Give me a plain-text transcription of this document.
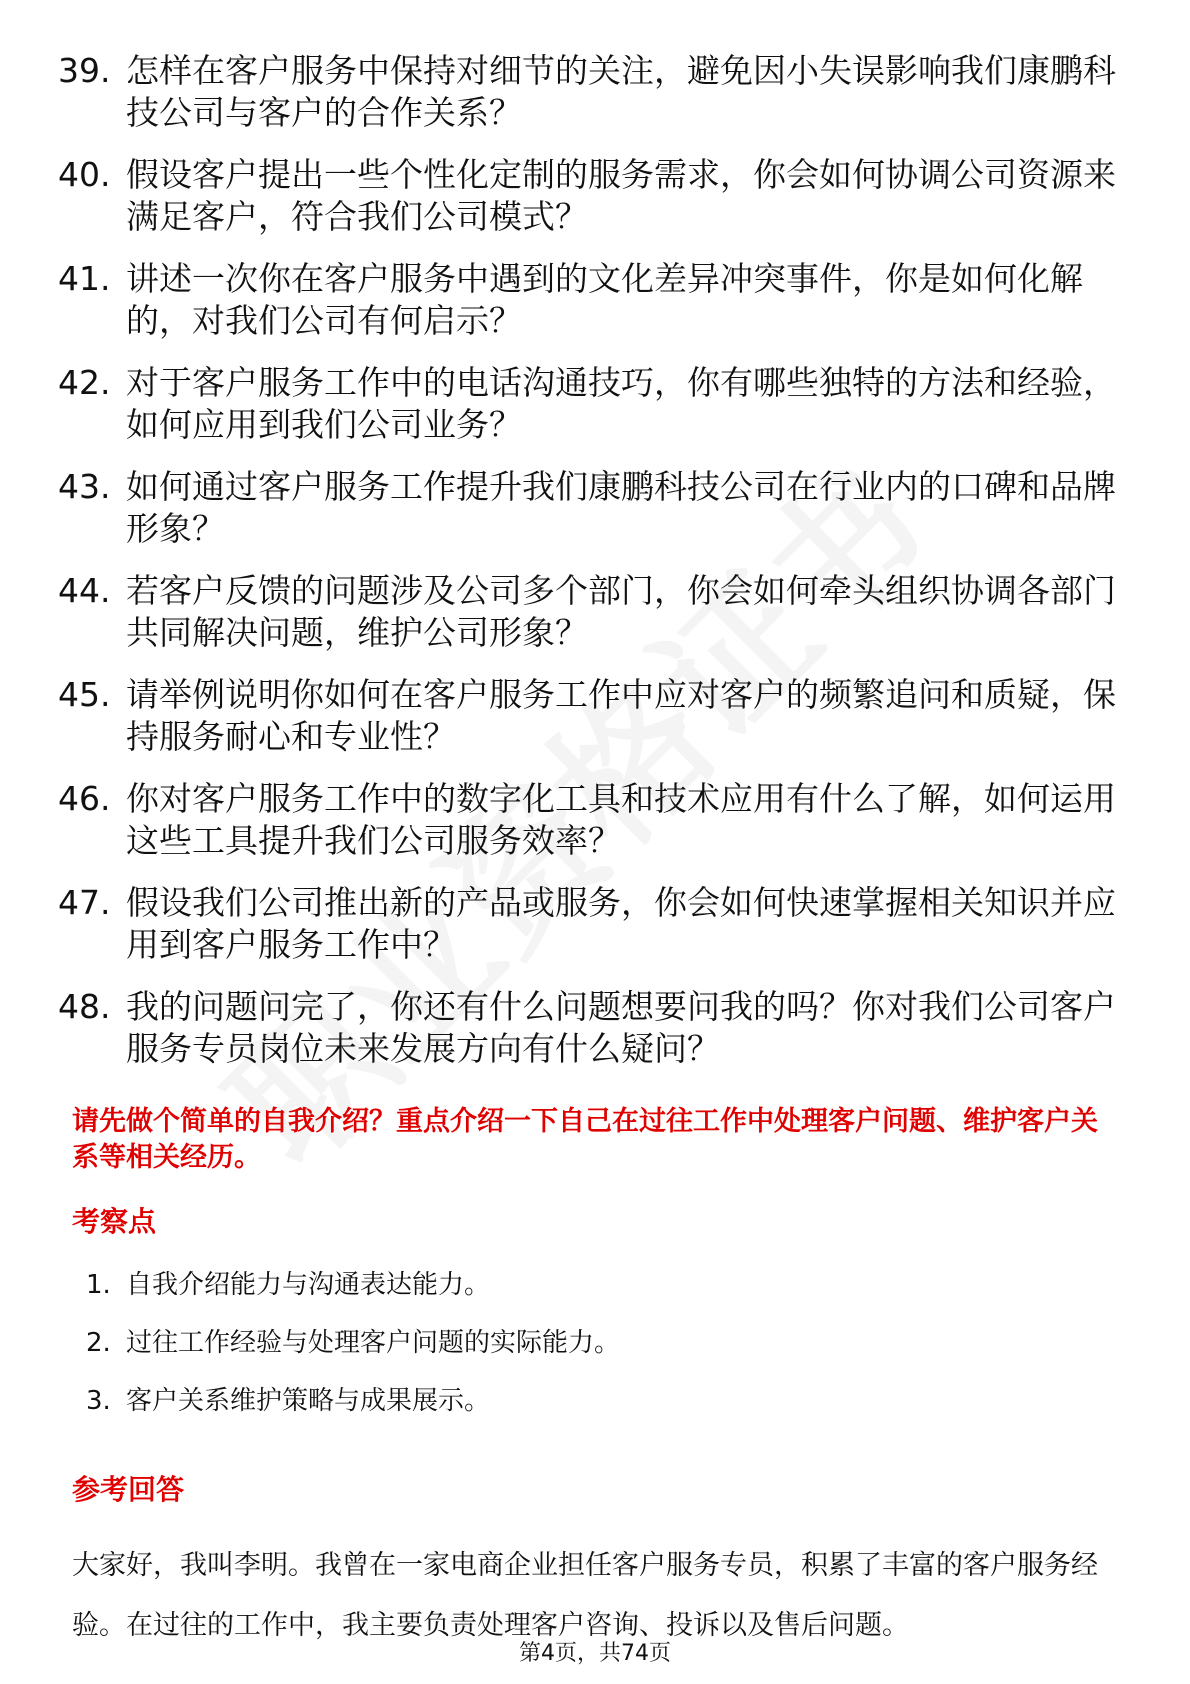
39. 怎样在客户服务中保持对细节的关注，避免因小失误影响我们康鹏科技公司与客户的合作关系？
40. 假设客户提出一些个性化定制的服务需求，你会如何协调公司资源来满足客户，符合我们公司模式？
41. 讲述一次你在客户服务中遇到的文化差异冲突事件，你是如何化解的，对我们公司有何启示？
42. 对于客户服务工作中的电话沟通技巧，你有哪些独特的方法和经验，如何应用到我们公司业务？
43. 如何通过客户服务工作提升我们康鹏科技公司在行业内的口碑和品牌形象？
44. 若客户反馈的问题涉及公司多个部门，你会如何牵头组织协调各部门共同解决问题，维护公司形象？
45. 请举例说明你如何在客户服务工作中应对客户的频繁追问和质疑，保持服务耐心和专业性？
46. 你对客户服务工作中的数字化工具和技术应用有什么了解，如何运用这些工具提升我们公司服务效率？
47. 假设我们公司推出新的产品或服务，你会如何快速掌握相关知识并应用到客户服务工作中？
48. 我的问题问完了，你还有什么问题想要问我的吗？你对我们公司客户服务专员岗位未来发展方向有什么疑问？
请先做个简单的自我介绍？重点介绍一下自己在过往工作中处理客户问题、维护客户关系等相关经历。
考察点
1. 自我介绍能力与沟通表达能力。
2. 过往工作经验与处理客户问题的实际能力。
3. 客户关系维护策略与成果展示。
参考回答
大家好，我叫李明。我曾在一家电商企业担任客户服务专员，积累了丰富的客户服务经验。在过往的工作中，我主要负责处理客户咨询、投诉以及售后问题。
第4页，共74页
